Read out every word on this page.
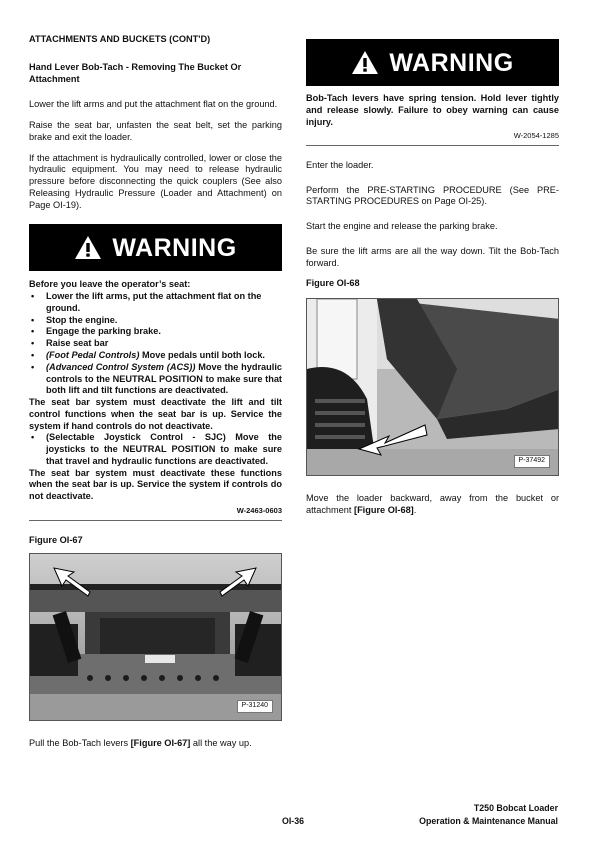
ATTACHMENTS AND BUCKETS (CONT'D)
Hand Lever Bob-Tach - Removing The Bucket Or Attachment

Lower the lift arms and put the attachment flat on the ground.

Raise the seat bar, unfasten the seat belt, set the parking brake and exit the loader.

If the attachment is hydraulically controlled, lower or close the hydraulic equipment. You may need to release hydraulic pressure before disconnecting the quick couplers (See also Releasing Hydraulic Pressure (Loader and Attachment) on Page OI-19).

WARNING
Before you leave the operator’s seat:
• Lower the lift arms, put the attachment flat on the ground.
• Stop the engine.
• Engage the parking brake.
• Raise seat bar
• (Foot Pedal Controls) Move pedals until both lock.
• (Advanced Control System (ACS)) Move the hydraulic controls to the NEUTRAL POSITION to make sure that both lift and tilt functions are deactivated.
The seat bar system must deactivate the lift and tilt control functions when the seat bar is up. Service the system if hand controls do not deactivate.
• (Selectable Joystick Control - SJC) Move the joysticks to the NEUTRAL POSITION to make sure that travel and hydraulic functions are deactivated.
The seat bar system must deactivate these functions when the seat bar is up. Service the system if controls do not deactivate.
W-2463-0603
Figure OI-67
P-31240

Pull the Bob-Tach levers [Figure OI-67] all the way up.

WARNING
Bob-Tach levers have spring tension. Hold lever tightly and release slowly. Failure to obey warning can cause injury.
W-2054-1285

Enter the loader.

Perform the PRE-STARTING PROCEDURE (See PRE-STARTING PROCEDURES on Page OI-25).

Start the engine and release the parking brake.

Be sure the lift arms are all the way down. Tilt the Bob-Tach forward.

Figure OI-68
P-37492

Move the loader backward, away from the bucket or attachment [Figure OI-68].

OI-36
T250 Bobcat Loader
Operation & Maintenance Manual
